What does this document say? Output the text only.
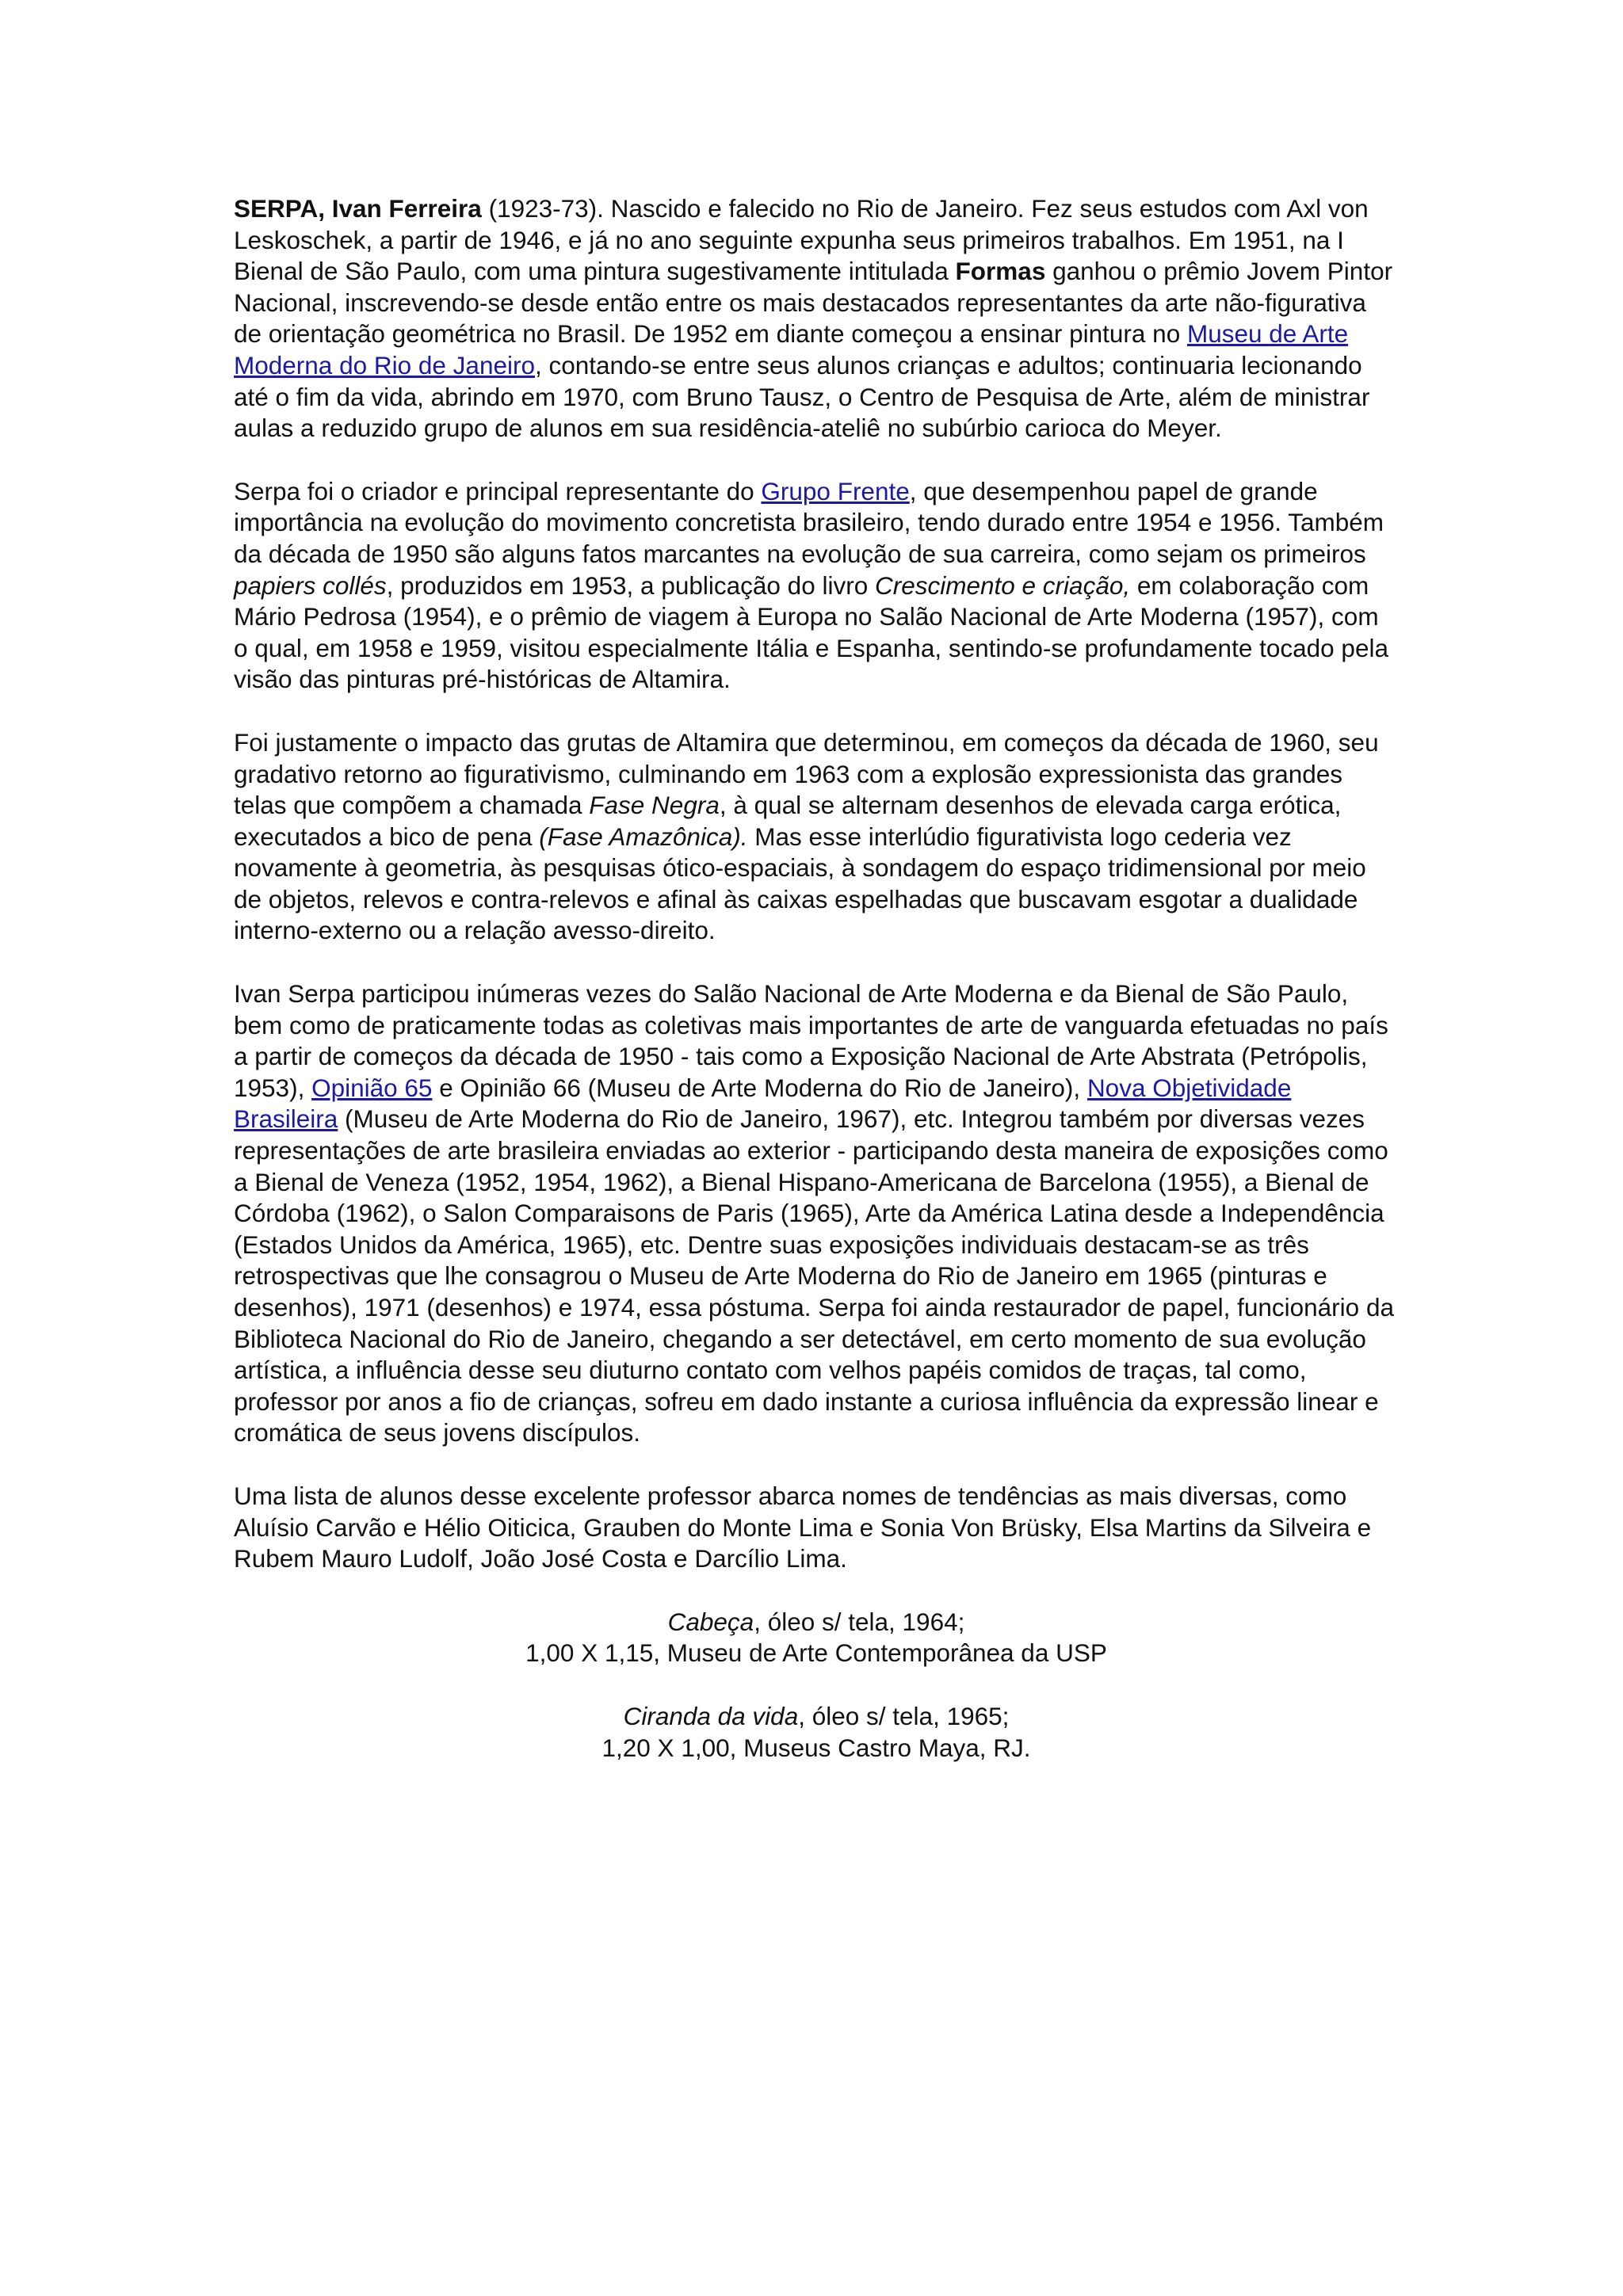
SERPA, Ivan Ferreira (1923-73). Nascido e falecido no Rio de Janeiro. Fez seus estudos com Axl von Leskoschek, a partir de 1946, e já no ano seguinte expunha seus primeiros trabalhos. Em 1951, na I Bienal de São Paulo, com uma pintura sugestivamente intitulada Formas ganhou o prêmio Jovem Pintor Nacional, inscrevendo-se desde então entre os mais destacados representantes da arte não-figurativa de orientação geométrica no Brasil. De 1952 em diante começou a ensinar pintura no Museu de Arte Moderna do Rio de Janeiro, contando-se entre seus alunos crianças e adultos; continuaria lecionando até o fim da vida, abrindo em 1970, com Bruno Tausz, o Centro de Pesquisa de Arte, além de ministrar aulas a reduzido grupo de alunos em sua residência-ateliê no subúrbio carioca do Meyer.

Serpa foi o criador e principal representante do Grupo Frente, que desempenhou papel de grande importância na evolução do movimento concretista brasileiro, tendo durado entre 1954 e 1956. Também da década de 1950 são alguns fatos marcantes na evolução de sua carreira, como sejam os primeiros papiers collés, produzidos em 1953, a publicação do livro Crescimento e criação, em colaboração com Mário Pedrosa (1954), e o prêmio de viagem à Europa no Salão Nacional de Arte Moderna (1957), com o qual, em 1958 e 1959, visitou especialmente Itália e Espanha, sentindo-se profundamente tocado pela visão das pinturas pré-históricas de Altamira.

Foi justamente o impacto das grutas de Altamira que determinou, em começos da década de 1960, seu gradativo retorno ao figurativismo, culminando em 1963 com a explosão expressionista das grandes telas que compõem a chamada Fase Negra, à qual se alternam desenhos de elevada carga erótica, executados a bico de pena (Fase Amazônica). Mas esse interlúdio figurativista logo cederia vez novamente à geometria, às pesquisas ótico-espaciais, à sondagem do espaço tridimensional por meio de objetos, relevos e contra-relevos e afinal às caixas espelhadas que buscavam esgotar a dualidade interno-externo ou a relação avesso-direito.

Ivan Serpa participou inúmeras vezes do Salão Nacional de Arte Moderna e da Bienal de São Paulo, bem como de praticamente todas as coletivas mais importantes de arte de vanguarda efetuadas no país a partir de começos da década de 1950 - tais como a Exposição Nacional de Arte Abstrata (Petrópolis, 1953), Opinião 65 e Opinião 66 (Museu de Arte Moderna do Rio de Janeiro), Nova Objetividade Brasileira (Museu de Arte Moderna do Rio de Janeiro, 1967), etc. Integrou também por diversas vezes representações de arte brasileira enviadas ao exterior - participando desta maneira de exposições como a Bienal de Veneza (1952, 1954, 1962), a Bienal Hispano-Americana de Barcelona (1955), a Bienal de Córdoba (1962), o Salon Comparaisons de Paris (1965), Arte da América Latina desde a Independência (Estados Unidos da América, 1965), etc. Dentre suas exposições individuais destacam-se as três retrospectivas que lhe consagrou o Museu de Arte Moderna do Rio de Janeiro em 1965 (pinturas e desenhos), 1971 (desenhos) e 1974, essa póstuma. Serpa foi ainda restaurador de papel, funcionário da Biblioteca Nacional do Rio de Janeiro, chegando a ser detectável, em certo momento de sua evolução artística, a influência desse seu diuturno contato com velhos papéis comidos de traças, tal como, professor por anos a fio de crianças, sofreu em dado instante a curiosa influência da expressão linear e cromática de seus jovens discípulos.

Uma lista de alunos desse excelente professor abarca nomes de tendências as mais diversas, como Aluísio Carvão e Hélio Oiticica, Grauben do Monte Lima e Sonia Von Brüsky, Elsa Martins da Silveira e Rubem Mauro Ludolf, João José Costa e Darcílio Lima.

Cabeça, óleo s/ tela, 1964;
1,00 X 1,15, Museu de Arte Contemporânea da USP

Ciranda da vida, óleo s/ tela, 1965;
1,20 X 1,00, Museus Castro Maya, RJ.
